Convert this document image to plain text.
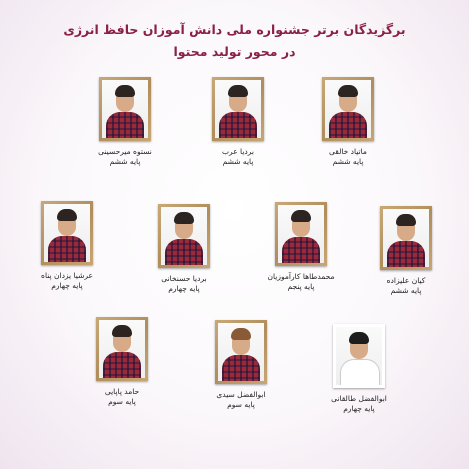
برگزیدگان برتر جشنواره ملی دانش آموزان حافظ انرژی
در محور تولید محتوا
ماتیاد خالقی
پایه ششم
بردیا عرب
پایه ششم
نستوه میرحسینی
پایه ششم
کیان علیزاده
پایه ششم
محمدطاها کارآموزیان
پایه پنجم
بردیا حسنخانی
پایه چهارم
عرشیا یزدان پناه
پایه چهارم
ابوالفضل طالقانی
پایه چهارم
ابوالفضل سیدی
پایه سوم
حامد پاپایی
پایه سوم
